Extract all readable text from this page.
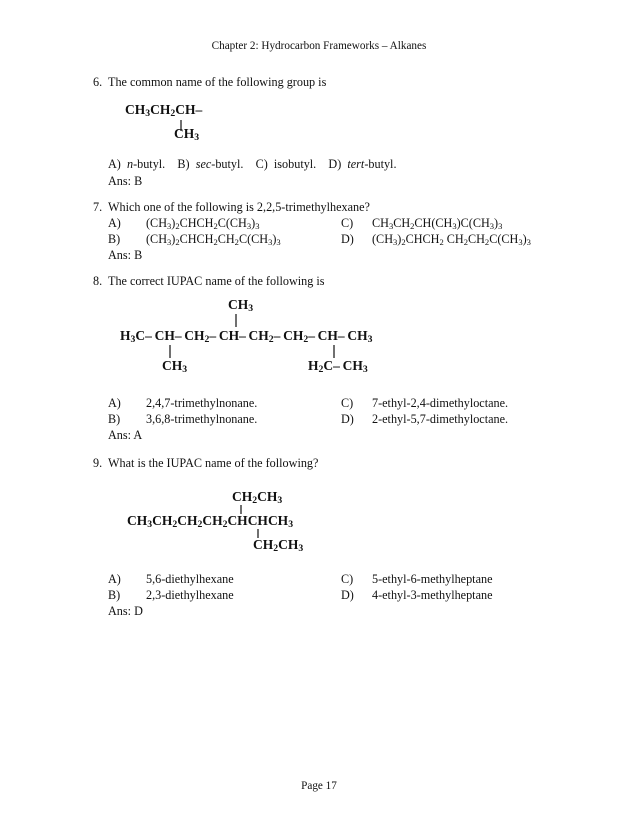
Chapter 2: Hydrocarbon Frameworks – Alkanes
6. The common name of the following group is
$CH_3CH_2CH-$
$CH_3$
A) n-butyl. B) sec-butyl. C) isobutyl. D) tert-butyl.
Ans: B
7. Which one of the following is 2,2,5-trimethylhexane?
A) $(CH_3)_2CHCH_2C(CH_3)_3$	C) $CH_3CH_2CH(CH_3)C(CH_3)_3$
B) $(CH_3)_2CHCH_2CH_2C(CH_3)_3$	D) $(CH_3)_2CHCH_2$ $CH_2CH_2C(CH_3)_3$
Ans: B
8. The correct IUPAC name of the following is
$CH_3$
$H_3C-$ CH– $CH_2-$ CH– $CH_2-$ $CH_2-$ CH– $CH_3$
$CH_3$	$H_2C-$ $CH_3$
A) 2,4,7-trimethylnonane.	C) 7-ethyl-2,4-dimethyloctane.
B) 3,6,8-trimethylnonane.	D) 2-ethyl-5,7-dimethyloctane.
Ans: A
9. What is the IUPAC name of the following?
$CH_2CH_3$
$CH_3CH_2CH_2CH_2CHCHCH_3$
$CH_2CH_3$
A) 5,6-diethylhexane	C) 5-ethyl-6-methylheptane
B) 2,3-diethylhexane	D) 4-ethyl-3-methylheptane
Ans: D
Page 17
